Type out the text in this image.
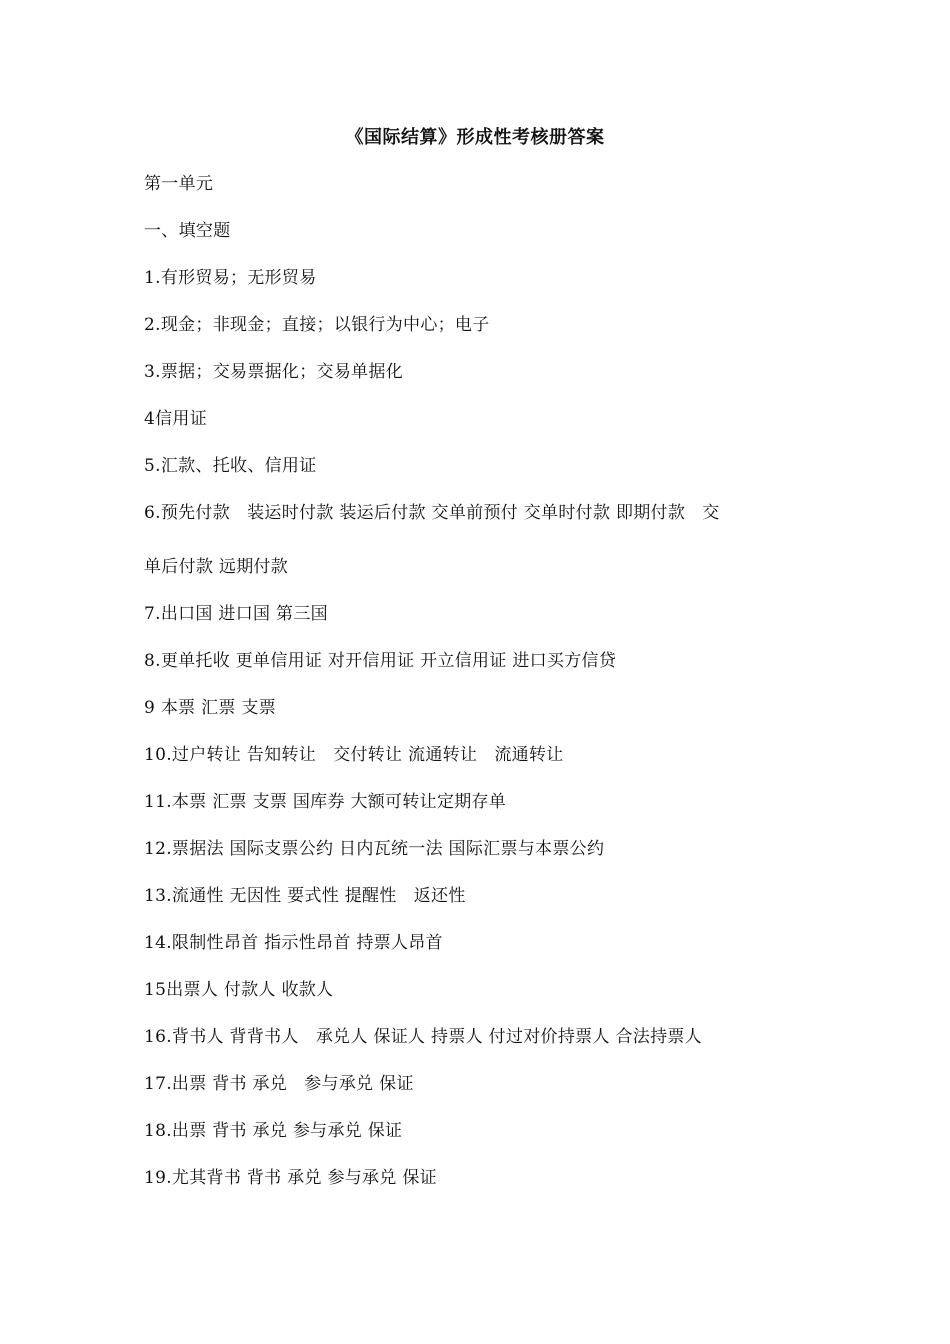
《国际结算》形成性考核册答案
第一单元
一、填空题
1.有形贸易；无形贸易
2.现金；非现金；直接；以银行为中心；电子
3.票据；交易票据化；交易单据化
4信用证
5.汇款、托收、信用证
6.预先付款   装运时付款 装运后付款 交单前预付 交单时付款 即期付款   交
单后付款 远期付款
7.出口国 进口国 第三国
8.更单托收 更单信用证 对开信用证 开立信用证 进口买方信贷
9 本票 汇票 支票
10.过户转让 告知转让   交付转让 流通转让   流通转让
11.本票 汇票 支票 国库券 大额可转让定期存单
12.票据法 国际支票公约 日内瓦统一法 国际汇票与本票公约
13.流通性 无因性 要式性 提醒性   返还性
14.限制性昂首 指示性昂首 持票人昂首
15出票人 付款人 收款人
16.背书人 背背书人   承兑人 保证人 持票人 付过对价持票人 合法持票人
17.出票 背书 承兑   参与承兑 保证
18.出票 背书 承兑 参与承兑 保证
19.尤其背书 背书 承兑 参与承兑 保证
